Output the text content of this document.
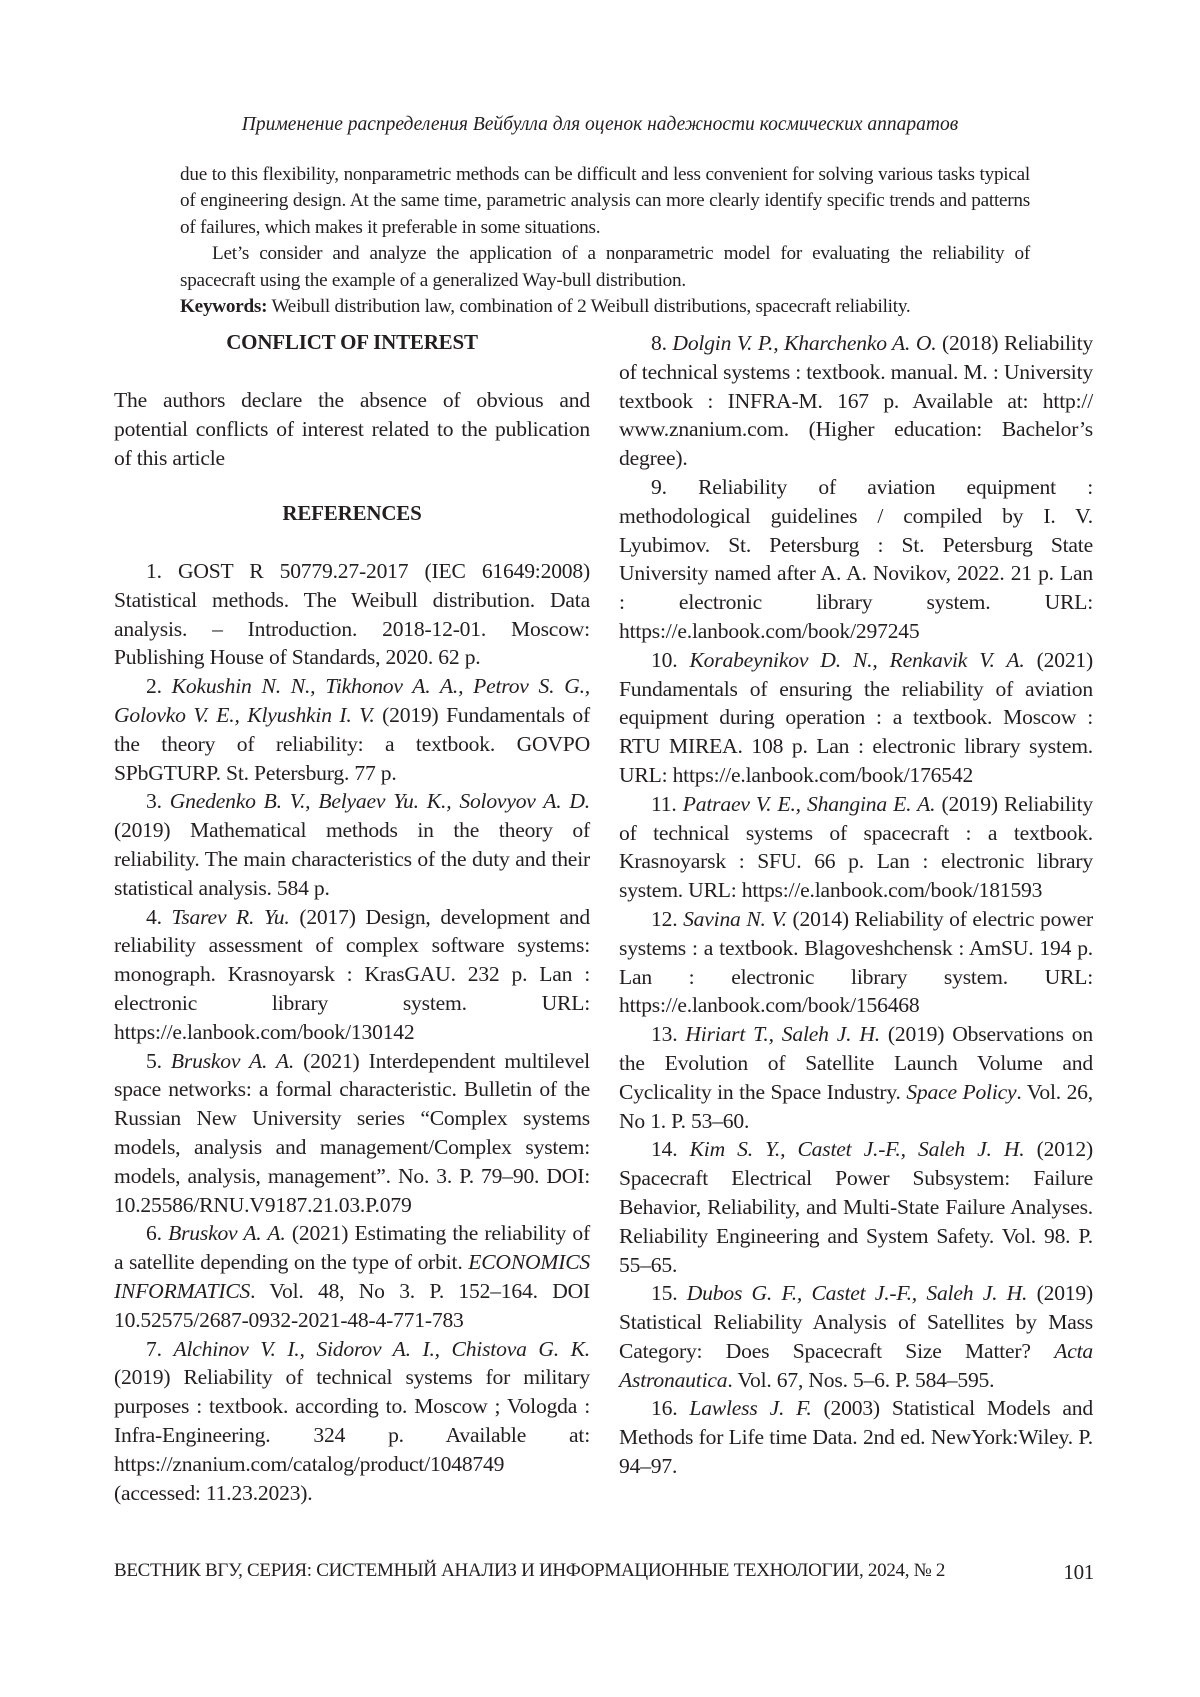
Применение распределения Вейбулла для оценок надежности космических аппаратов

due to this flexibility, nonparametric methods can be difficult and less convenient for solving various tasks typical of engineering design. At the same time, parametric analysis can more clearly identify specific trends and patterns of failures, which makes it preferable in some situations.

Let’s consider and analyze the application of a nonparametric model for evaluating the reliability of spacecraft using the example of a generalized Way-bull distribution.

Keywords: Weibull distribution law, combination of 2 Weibull distributions, spacecraft reliability.

CONFLICT OF INTEREST

The authors declare the absence of obvious and potential conflicts of interest related to the publication of this article

REFERENCES

1. GOST R 50779.27-2017 (IEC 61649:2008) Statistical methods. The Weibull distribution. Data analysis. – Introduction. 2018-12-01. Moscow: Publishing House of Standards, 2020. 62 p.

2. Kokushin N. N., Tikhonov A. A., Petrov S. G., Golovko V. E., Klyushkin I. V. (2019) Fundamentals of the theory of reliability: a textbook. GOVPO SPbGTURP. St. Petersburg. 77 p.

3. Gnedenko B. V., Belyaev Yu. K., Solovyov A. D. (2019) Mathematical methods in the theory of reliability. The main characteristics of the duty and their statistical analysis. 584 p.

4. Tsarev R. Yu. (2017) Design, development and reliability assessment of complex software systems: monograph. Krasnoyarsk : KrasGAU. 232 p. Lan : electronic library system. URL: https://e.lanbook.com/book/130142

5. Bruskov A. A. (2021) Interdependent multilevel space networks: a formal characteristic. Bulletin of the Russian New University series “Complex systems models, analysis and management/Complex system: models, analysis, management”. No. 3. P. 79–90. DOI: 10.25586/RNU.V9187.21.03.P.079

6. Bruskov A. A. (2021) Estimating the reliability of a satellite depending on the type of orbit. ECONOMICS INFORMATICS. Vol. 48, No 3. P. 152–164. DOI 10.52575/2687-0932-2021-48-4-771-783

7. Alchinov V. I., Sidorov A. I., Chistova G. K. (2019) Reliability of technical systems for military purposes : textbook. according to. Moscow ; Vologda : Infra-Engineering. 324 p. Available at: https://znanium.com/catalog/product/1048749 (accessed: 11.23.2023).

8. Dolgin V. P., Kharchenko A. O. (2018) Reliability of technical systems : textbook. manual. M. : University textbook : INFRA-M. 167 p. Available at: http:// www.znanium.com. (Higher education: Bachelor’s degree).

9. Reliability of aviation equipment : methodological guidelines / compiled by I. V. Lyubimov. St. Petersburg : St. Petersburg State University named after A. A. Novikov, 2022. 21 p. Lan : electronic library system. URL: https://e.lanbook.com/book/297245

10. Korabeynikov D. N., Renkavik V. A. (2021) Fundamentals of ensuring the reliability of aviation equipment during operation : a textbook. Moscow : RTU MIREA. 108 p. Lan : electronic library system. URL: https://e.lanbook.com/book/176542

11. Patraev V. E., Shangina E. A. (2019) Reliability of technical systems of spacecraft : a textbook. Krasnoyarsk : SFU. 66 p. Lan : electronic library system. URL: https://e.lanbook.com/book/181593

12. Savina N. V. (2014) Reliability of electric power systems : a textbook. Blagoveshchensk : AmSU. 194 p. Lan : electronic library system. URL: https://e.lanbook.com/book/156468

13. Hiriart T., Saleh J. H. (2019) Observations on the Evolution of Satellite Launch Volume and Cyclicality in the Space Industry. Space Policy. Vol. 26, No 1. P. 53–60.

14. Kim S. Y., Castet J.-F., Saleh J. H. (2012) Spacecraft Electrical Power Subsystem: Failure Behavior, Reliability, and Multi-State Failure Analyses. Reliability Engineering and System Safety. Vol. 98. P. 55–65.

15. Dubos G. F., Castet J.-F., Saleh J. H. (2019) Statistical Reliability Analysis of Satellites by Mass Category: Does Spacecraft Size Matter? Acta Astronautica. Vol. 67, Nos. 5–6. P. 584–595.

16. Lawless J. F. (2003) Statistical Models and Methods for Life time Data. 2nd ed. NewYork:Wiley. P. 94–97.

ВЕСТНИК ВГУ, СЕРИЯ: СИСТЕМНЫЙ АНАЛИЗ И ИНФОРМАЦИОННЫЕ ТЕХНОЛОГИИ, 2024, № 2	101
